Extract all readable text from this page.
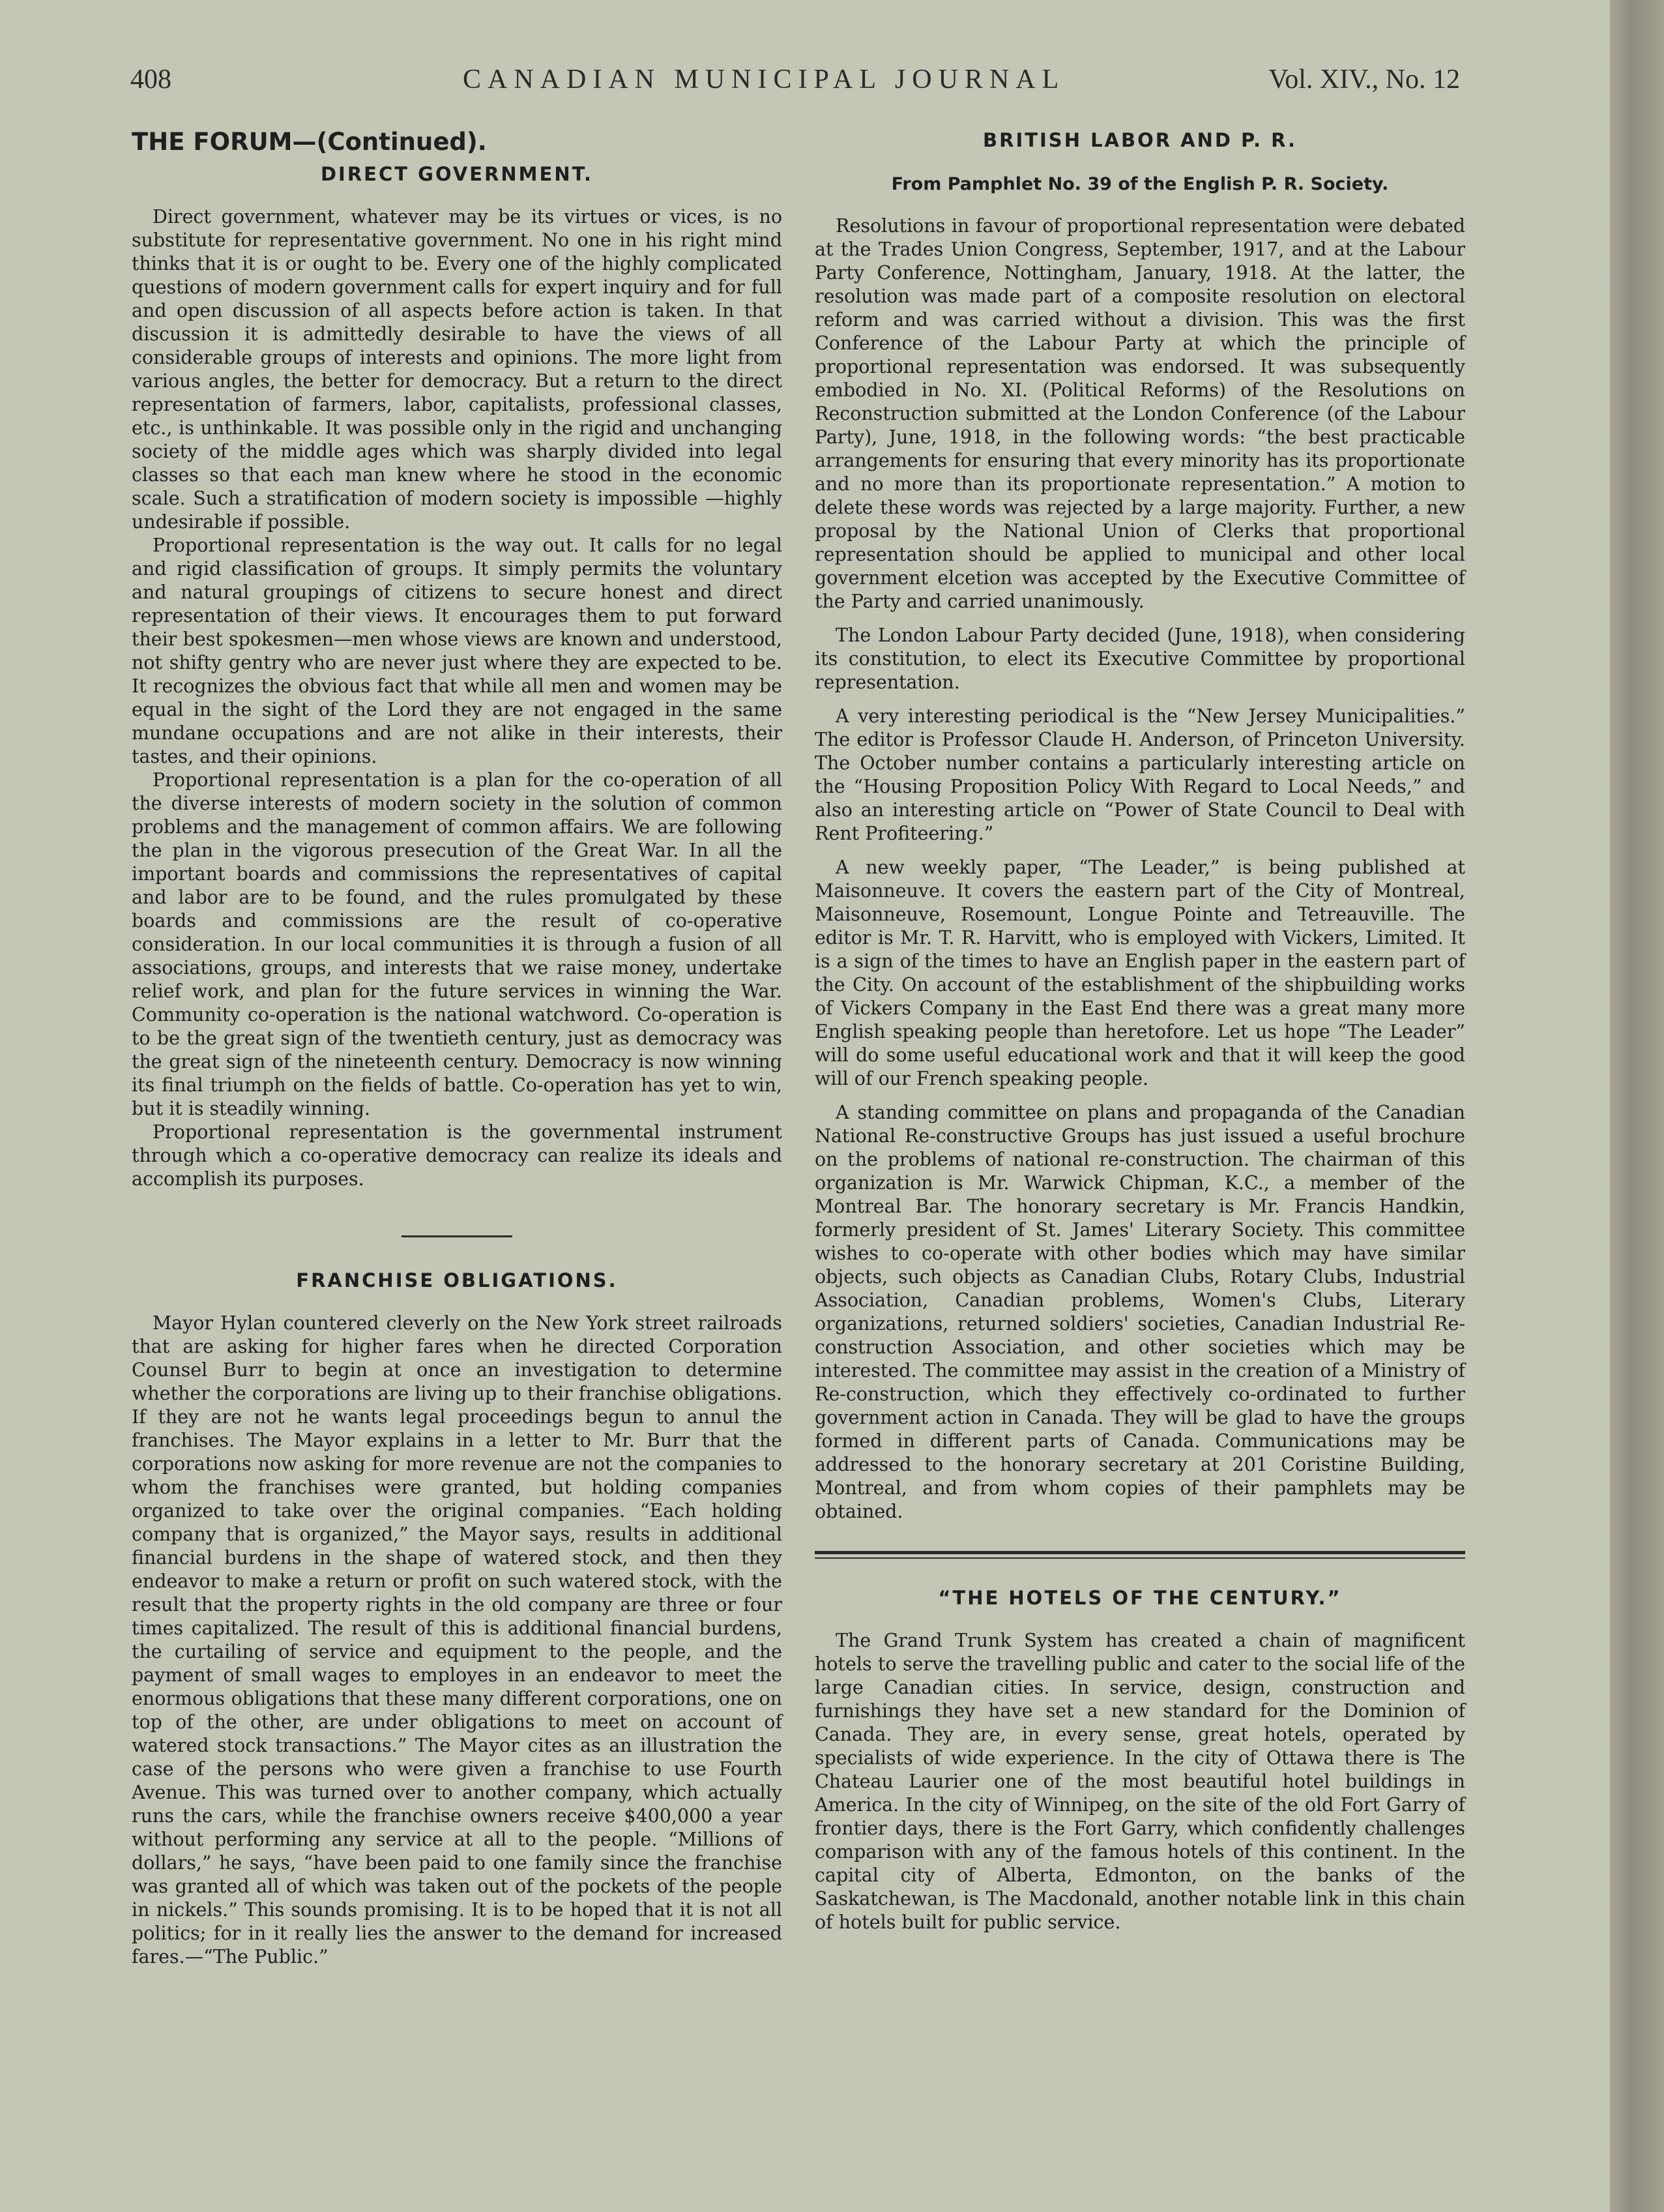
408	CANADIAN MUNICIPAL JOURNAL	Vol. XIV., No. 12
THE FORUM—(Continued).
DIRECT GOVERNMENT.

Direct government, whatever may be its virtues or vices, is no substitute for representative government. No one in his right mind thinks that it is or ought to be. Every one of the highly complicated questions of modern government calls for expert inquiry and for full and open discussion of all aspects before action is taken. In that discussion it is admittedly desirable to have the views of all considerable groups of interests and opinions. The more light from various angles, the better for democracy. But a return to the direct representation of farmers, labor, capitalists, professional classes, etc., is unthinkable. It was possible only in the rigid and unchanging society of the middle ages which was sharply divided into legal classes so that each man knew where he stood in the economic scale. Such a stratification of modern society is impossible —highly undesirable if possible.

Proportional representation is the way out. It calls for no legal and rigid classification of groups. It simply permits the voluntary and natural groupings of citizens to secure honest and direct representation of their views. It encourages them to put forward their best spokesmen—men whose views are known and understood, not shifty gentry who are never just where they are expected to be. It recognizes the obvious fact that while all men and women may be equal in the sight of the Lord they are not engaged in the same mundane occupations and are not alike in their interests, their tastes, and their opinions.

Proportional representation is a plan for the co-operation of all the diverse interests of modern society in the solution of common problems and the management of common affairs. We are following the plan in the vigorous presecution of the Great War. In all the important boards and commissions the representatives of capital and labor are to be found, and the rules promulgated by these boards and commissions are the result of co-operative consideration. In our local communities it is through a fusion of all associations, groups, and interests that we raise money, undertake relief work, and plan for the future services in winning the War. Community co-operation is the national watchword. Co-operation is to be the great sign of the twentieth century, just as democracy was the great sign of the nineteenth century. Democracy is now winning its final triumph on the fields of battle. Co-operation has yet to win, but it is steadily winning.

Proportional representation is the governmental instrument through which a co-operative democracy can realize its ideals and accomplish its purposes.

FRANCHISE OBLIGATIONS.

Mayor Hylan countered cleverly on the New York street railroads that are asking for higher fares when he directed Corporation Counsel Burr to begin at once an investigation to determine whether the corporations are living up to their franchise obligations. If they are not he wants legal proceedings begun to annul the franchises. The Mayor explains in a letter to Mr. Burr that the corporations now asking for more revenue are not the companies to whom the franchises were granted, but holding companies organized to take over the original companies. “Each holding company that is organized,” the Mayor says, results in additional financial burdens in the shape of watered stock, and then they endeavor to make a return or profit on such watered stock, with the result that the property rights in the old company are three or four times capitalized. The result of this is additional financial burdens, the curtailing of service and equipment to the people, and the payment of small wages to employes in an endeavor to meet the enormous obligations that these many different corporations, one on top of the other, are under obligations to meet on account of watered stock transactions.” The Mayor cites as an illustration the case of the persons who were given a franchise to use Fourth Avenue. This was turned over to another company, which actually runs the cars, while the franchise owners receive $400,000 a year without performing any service at all to the people. “Millions of dollars,” he says, “have been paid to one family since the franchise was granted all of which was taken out of the pockets of the people in nickels.” This sounds promising. It is to be hoped that it is not all politics; for in it really lies the answer to the demand for increased fares.—“The Public.”

BRITISH LABOR AND P. R.
From Pamphlet No. 39 of the English P. R. Society.

Resolutions in favour of proportional representation were debated at the Trades Union Congress, September, 1917, and at the Labour Party Conference, Nottingham, January, 1918. At the latter, the resolution was made part of a composite resolution on electoral reform and was carried without a division. This was the first Conference of the Labour Party at which the principle of proportional representation was endorsed. It was subsequently embodied in No. XI. (Political Reforms) of the Resolutions on Reconstruction submitted at the London Conference (of the Labour Party), June, 1918, in the following words: “the best practicable arrangements for ensuring that every minority has its proportionate and no more than its proportionate representation.” A motion to delete these words was rejected by a large majority. Further, a new proposal by the National Union of Clerks that proportional representation should be applied to municipal and other local government elcetion was accepted by the Executive Committee of the Party and carried unanimously.

The London Labour Party decided (June, 1918), when considering its constitution, to elect its Executive Committee by proportional representation.

A very interesting periodical is the “New Jersey Municipalities.” The editor is Professor Claude H. Anderson, of Princeton University. The October number contains a particularly interesting article on the “Housing Proposition Policy With Regard to Local Needs,” and also an interesting article on “Power of State Council to Deal with Rent Profiteering.”

A new weekly paper, “The Leader,” is being published at Maisonneuve. It covers the eastern part of the City of Montreal, Maisonneuve, Rosemount, Longue Pointe and Tetreauville. The editor is Mr. T. R. Harvitt, who is employed with Vickers, Limited. It is a sign of the times to have an English paper in the eastern part of the City. On account of the establishment of the shipbuilding works of Vickers Company in the East End there was a great many more English speaking people than heretofore. Let us hope “The Leader” will do some useful educational work and that it will keep the good will of our French speaking people.

A standing committee on plans and propaganda of the Canadian National Re-constructive Groups has just issued a useful brochure on the problems of national re-construction. The chairman of this organization is Mr. Warwick Chipman, K.C., a member of the Montreal Bar. The honorary secretary is Mr. Francis Handkin, formerly president of St. James' Literary Society. This committee wishes to co-operate with other bodies which may have similar objects, such objects as Canadian Clubs, Rotary Clubs, Industrial Association, Canadian problems, Women's Clubs, Literary organizations, returned soldiers' societies, Canadian Industrial Re-construction Association, and other societies which may be interested. The committee may assist in the creation of a Ministry of Re-construction, which they effectively co-ordinated to further government action in Canada. They will be glad to have the groups formed in different parts of Canada. Communications may be addressed to the honorary secretary at 201 Coristine Building, Montreal, and from whom copies of their pamphlets may be obtained.

“THE HOTELS OF THE CENTURY.”

The Grand Trunk System has created a chain of magnificent hotels to serve the travelling public and cater to the social life of the large Canadian cities. In service, design, construction and furnishings they have set a new standard for the Dominion of Canada. They are, in every sense, great hotels, operated by specialists of wide experience. In the city of Ottawa there is The Chateau Laurier one of the most beautiful hotel buildings in America. In the city of Winnipeg, on the site of the old Fort Garry of frontier days, there is the Fort Garry, which confidently challenges comparison with any of the famous hotels of this continent. In the capital city of Alberta, Edmonton, on the banks of the Saskatchewan, is The Macdonald, another notable link in this chain of hotels built for public service.
